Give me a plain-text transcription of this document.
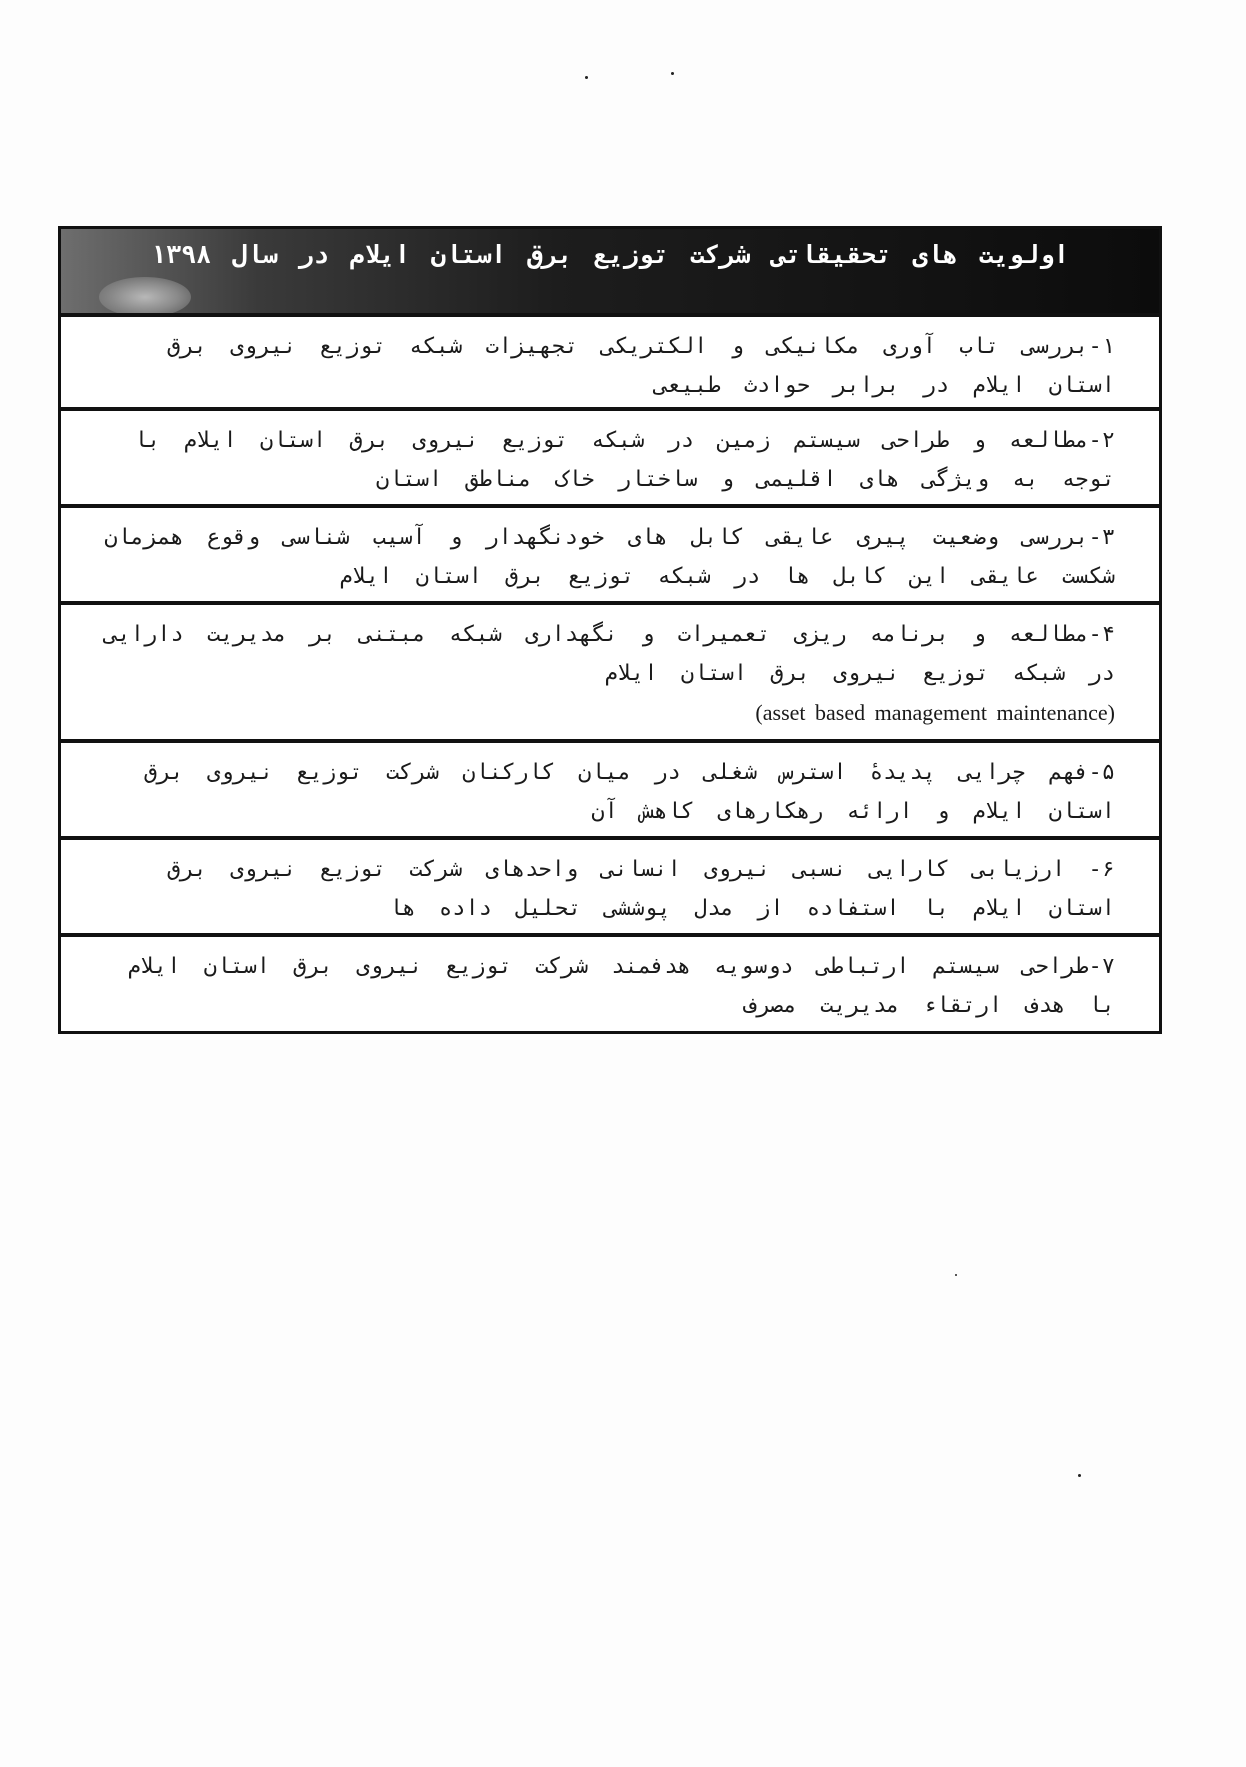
اولویت های تحقیقاتی شرکت توزیع برق استان ایلام در سال ۱۳۹۸
۱-بررسی تاب آوری مکانیکی و الکتریکی تجهیزات شبکه توزیع نیروی برق استان ایلام در برابر حوادث طبیعی
۲-مطالعه و طراحی سیستم زمین در شبکه توزیع نیروی برق استان ایلام با توجه به ویژگی های اقلیمی و ساختار خاک مناطق استان
۳-بررسی وضعیت پیری عایقی کابل های خودنگهدار و آسیب شناسی وقوع همزمان شکست عایقی این کابل ها در شبکه توزیع برق استان ایلام
۴-مطالعه و برنامه ریزی تعمیرات و نگهداری شبکه مبتنی بر مدیریت دارایی در شبکه توزیع نیروی برق استان ایلام
(asset based management maintenance)
۵-فهم چرایی پدیدهٔ استرس شغلی در میان کارکنان شرکت توزیع نیروی برق استان ایلام و ارائه رهکارهای کاهش آن
۶- ارزیابی کارایی نسبی نیروی انسانی واحدهای شرکت توزیع نیروی برق استان ایلام با استفاده از مدل پوششی تحلیل داده ها
۷-طراحی سیستم ارتباطی دوسویه هدفمند شرکت توزیع نیروی برق استان ایلام با هدف ارتقاء مدیریت مصرف
